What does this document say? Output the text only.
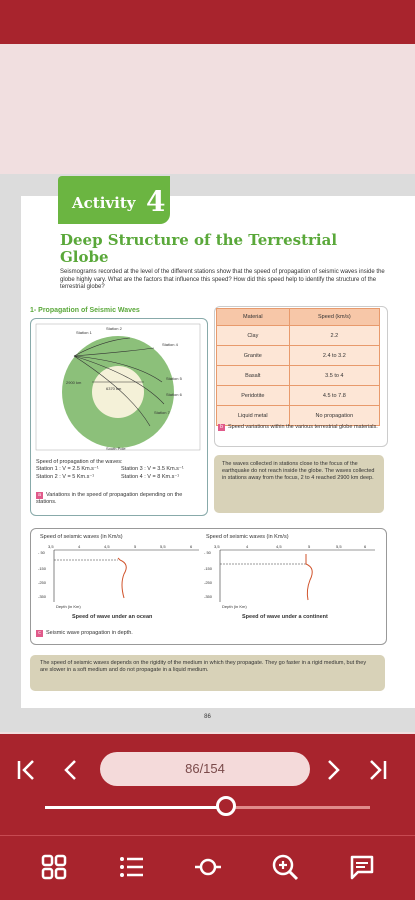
Activity 4
Deep Structure of the Terrestrial Globe
Seismograms recorded at the level of the different stations show that the speed of propagation of seismic waves inside the globe highly vary. What are the factors that influence this speed? How did this speed help to identify the structure of the terrestrial globe?
1- Propagation of Seismic Waves
Station 1
Station 2
Station 4
Station 5
Station 6
Station 7
2900 km
6370 km
South Pole
Speed of propagation of the waves:
Station 1 : V = 2.5 Km.s⁻¹	Station 3 : V = 3.5 Km.s⁻¹
Station 2 : V = 5 Km.s⁻¹	Station 4 : V = 8 Km.s⁻¹
a Variations in the speed of propagation depending on the stations.
Material	Speed (km/s)
Clay	2.2
Granite	2.4 to 3.2
Basalt	3.5 to 4
Peridotite	4.5 to 7.8
Liquid metal	No propagation
b Speed variations within the various terrestrial globe materials.
The waves collected in stations close to the focus of the earthquake do not reach inside the globe. The waves collected in stations away from the focus, 2 to 4 reached 2900 km deep.
Speed of seismic waves (in Km/s)	Speed of seismic waves (in Km/s)
3,5	4	4,5	5	5,5	6
- 50
-150
-250
-350
Depth (in Km)
3,5	4	4,5	5	5,5	6
- 50
-150
-250
-350
Depth (in Km)
Speed of wave under an ocean	Speed of wave under a continent
c Seismic wave propagation in depth.
The speed of seismic waves depends on the rigidity of the medium in which they propagate. They go faster in a rigid medium, but they are slower in a soft medium and do not propagate in a liquid medium.
86
86/154
